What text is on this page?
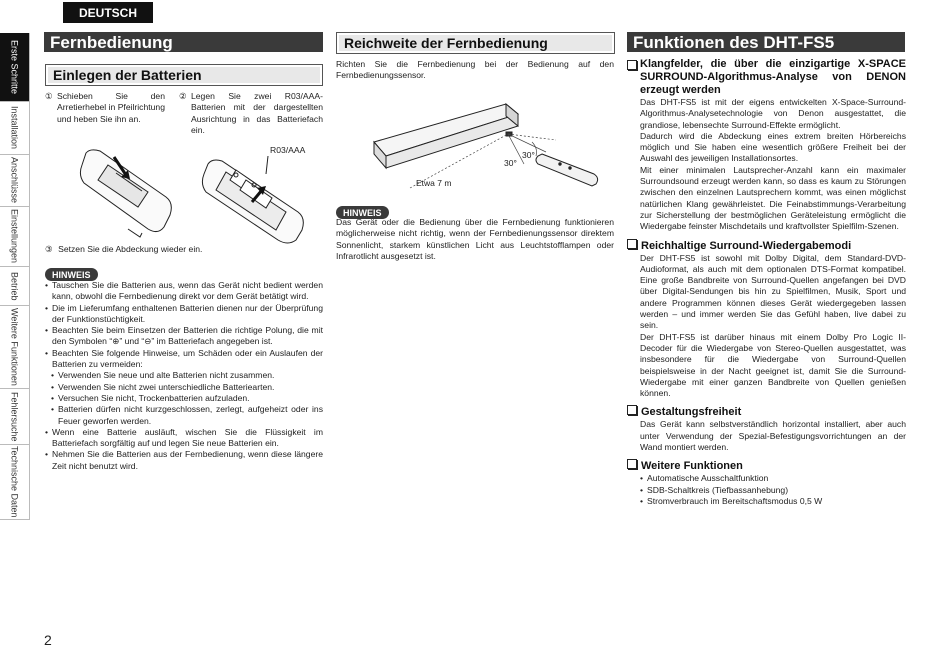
DEUTSCH
Erste Schritte
Installation
Anschlüsse
Einstellungen
Betrieb
Weitere Funktionen
Fehlersuche
Technische Daten
Fernbedienung
Einlegen der Batterien
① Schieben Sie den Arretierhebel in Pfeilrichtung und heben Sie ihn an.
② Legen Sie zwei R03/AAA-Batterien mit der dargestellten Ausrichtung in das Batteriefach ein.
R03/AAA
③ Setzen Sie die Abdeckung wieder ein.
HINWEIS
• Tauschen Sie die Batterien aus, wenn das Gerät nicht bedient werden kann, obwohl die Fernbedienung direkt vor dem Gerät betätigt wird.
• Die im Lieferumfang enthaltenen Batterien dienen nur der Überprüfung der Funktionstüchtigkeit.
• Beachten Sie beim Einsetzen der Batterien die richtige Polung, die mit den Symbolen “⊕” und “⊖” im Batteriefach angegeben ist.
• Beachten Sie folgende Hinweise, um Schäden oder ein Auslaufen der Batterien zu vermeiden:
• Verwenden Sie neue und alte Batterien nicht zusammen.
• Verwenden Sie nicht zwei unterschiedliche Batteriearten.
• Versuchen Sie nicht, Trockenbatterien aufzuladen.
• Batterien dürfen nicht kurzgeschlossen, zerlegt, aufgeheizt oder ins Feuer geworfen werden.
• Wenn eine Batterie ausläuft, wischen Sie die Flüssigkeit im Batteriefach sorgfältig auf und legen Sie neue Batterien ein.
• Nehmen Sie die Batterien aus der Fernbedienung, wenn diese längere Zeit nicht benutzt wird.
Reichweite der Fernbedienung
Richten Sie die Fernbedienung bei der Bedienung auf den Fernbedienungssensor.
30°
30°
Etwa 7 m
HINWEIS
Das Gerät oder die Bedienung über die Fernbedienung funktionieren möglicherweise nicht richtig, wenn der Fernbedienungssensor direktem Sonnenlicht, starkem künstlichen Licht aus Leuchtstofflampen oder Infrarotlicht ausgesetzt ist.
Funktionen des DHT-FS5
Klangfelder, die über die einzigartige X-SPACE SURROUND-Algorithmus-Analyse von DENON erzeugt werden
Das DHT-FS5 ist mit der eigens entwickelten X-Space-Surround-Algorithmus-Analysetechnologie von Denon ausgestattet, die grandiose, lebensechte Surround-Effekte ermöglicht.
Dadurch wird die Abdeckung eines extrem breiten Hörbereichs möglich und Sie haben eine wesentlich größere Freiheit bei der Auswahl des jeweiligen Installationsortes.
Mit einer minimalen Lautsprecher-Anzahl kann ein maximaler Surroundsound erzeugt werden kann, so dass es kaum zu Störungen zwischen den einzelnen Lautsprechern kommt, was einen möglichst natürlichen Klang gewährleistet. Die Feinabstimmungs-Verarbeitung zur Sicherstellung der bestmöglichen Geräteleistung ermöglicht die Wiedergabe feinster Mischdetails und kraftvollster Spielfilm-Szenen.
Reichhaltige Surround-Wiedergabemodi
Der DHT-FS5 ist sowohl mit Dolby Digital, dem Standard-DVD-Audioformat, als auch mit dem optionalen DTS-Format kompatibel. Eine große Bandbreite von Surround-Quellen angefangen bei DVD über Digital-Sendungen bis hin zu Spielfilmen, Musik, Sport und andere Programmen können dieses Gerät wiedergegeben lassen werden – und immer werden Sie das Gefühl haben, live dabei zu sein.
Der DHT-FS5 ist darüber hinaus mit einem Dolby Pro Logic II-Decoder für die Wiedergabe von Stereo-Quellen ausgestattet, was insbesondere für die Wiedergabe von Surround-Quellen beispielsweise in der Nacht geeignet ist, damit Sie die Surround-Wiedergabe mit einer ganzen Bandbreite von Quellen genießen können.
Gestaltungsfreiheit
Das Gerät kann selbstverständlich horizontal installiert, aber auch unter Verwendung der Spezial-Befestigungsvorrichtungen an der Wand montiert werden.
Weitere Funktionen
• Automatische Ausschaltfunktion
• SDB-Schaltkreis (Tiefbassanhebung)
• Stromverbrauch im Bereitschaftsmodus 0,5 W
2
